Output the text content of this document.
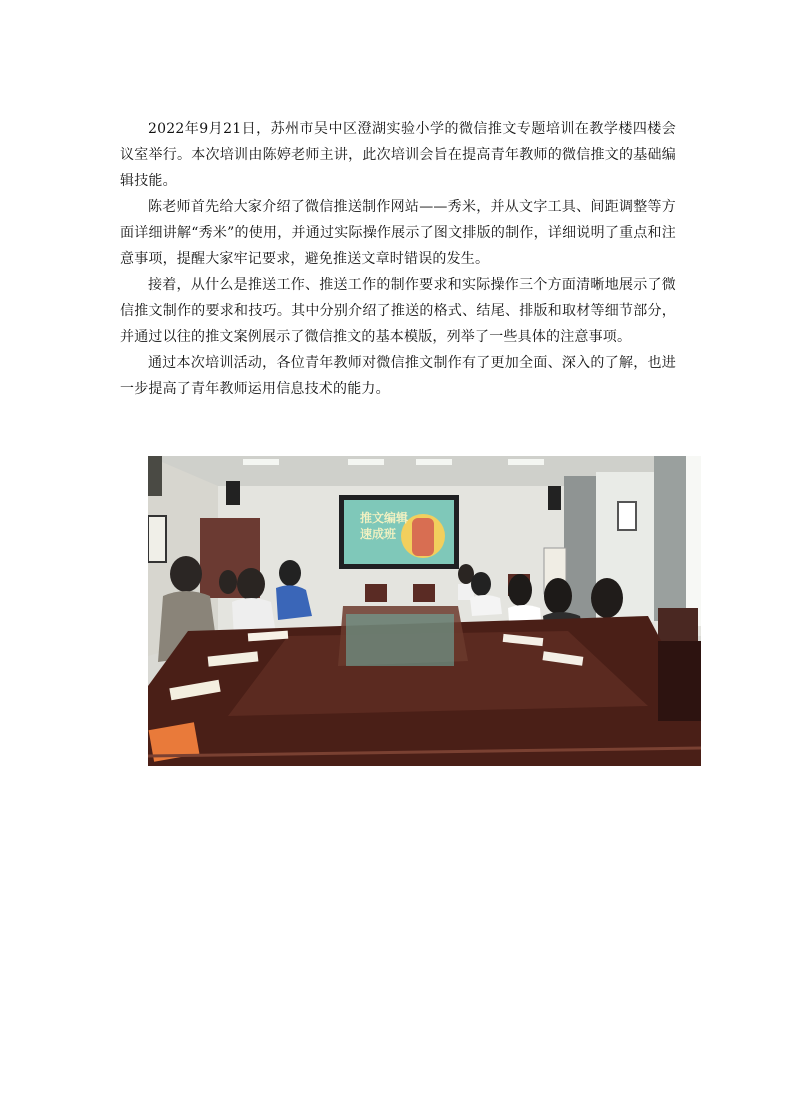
2022年9月21日，苏州市吴中区澄湖实验小学的微信推文专题培训在教学楼四楼会议室举行。本次培训由陈婷老师主讲，此次培训会旨在提高青年教师的微信推文的基础编辑技能。

陈老师首先给大家介绍了微信推送制作网站——秀米，并从文字工具、间距调整等方面详细讲解“秀米”的使用，并通过实际操作展示了图文排版的制作，详细说明了重点和注意事项，提醒大家牢记要求，避免推送文章时错误的发生。

接着，从什么是推送工作、推送工作的制作要求和实际操作三个方面清晰地展示了微信推文制作的要求和技巧。其中分别介绍了推送的格式、结尾、排版和取材等细节部分，并通过以往的推文案例展示了微信推文的基本模版，列举了一些具体的注意事项。

通过本次培训活动，各位青年教师对微信推文制作有了更加全面、深入的了解，也进一步提高了青年教师运用信息技术的能力。

推文编辑
速成班
